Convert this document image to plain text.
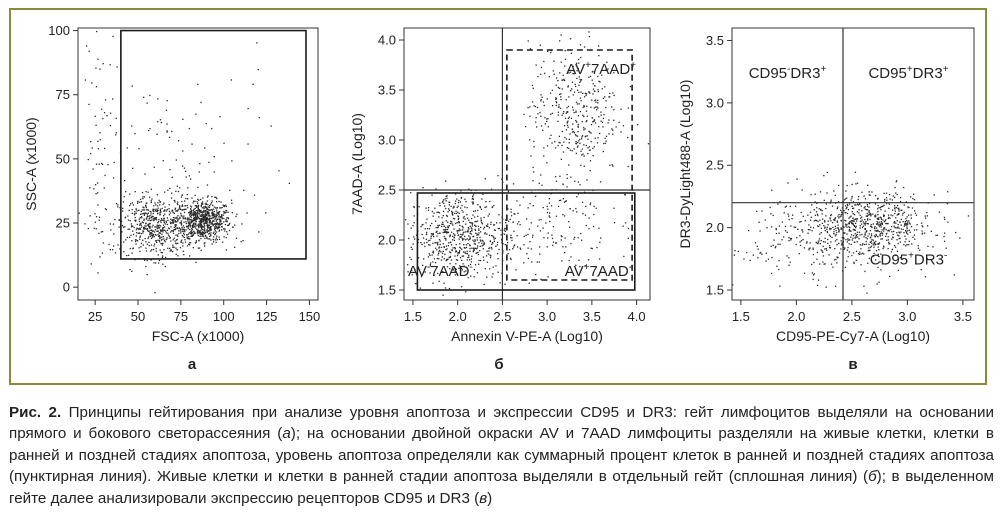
25 50 75 100 125 150
0
25
50
75
100
FSC-A (x1000)
SSC-A (x1000)
1.5 2.0 2.5 3.0 3.5 4.0
1.5
2.0
2.5
3.0
3.5
4.0
Annexin V-PE-A (Log10)
7AAD-A (Log10)
AV+7AAD+
AV-7AAD-	AV+7AAD-
1.5	2.0	2.5	3.0	3.5
1.5
2.0
2.5
3.0
3.5
CD95-PE-Cy7-A (Log10)
DR3-DyLight488-A (Log10)
CD95-DR3+	CD95+DR3+
CD95+DR3-
а	б	в
Рис. 2. Принципы гейтирования при анализе уровня апоптоза и экспрессии CD95 и DR3: гейт лимфоцитов выделяли на основании прямого и бокового светорассеяния (а); на основании двойной окраски AV и 7AAD лимфоциты разделяли на живые клетки, клетки в ранней и поздней стадиях апоптоза, уровень апоптоза определяли как суммарный процент клеток в ранней и поздней стадиях апоптоза (пунктирная линия). Живые клетки и клетки в ранней стадии апоптоза выделяли в отдельный гейт (сплошная линия) (б); в выделенном гейте далее анализировали экспрессию рецепторов CD95 и DR3 (в)
